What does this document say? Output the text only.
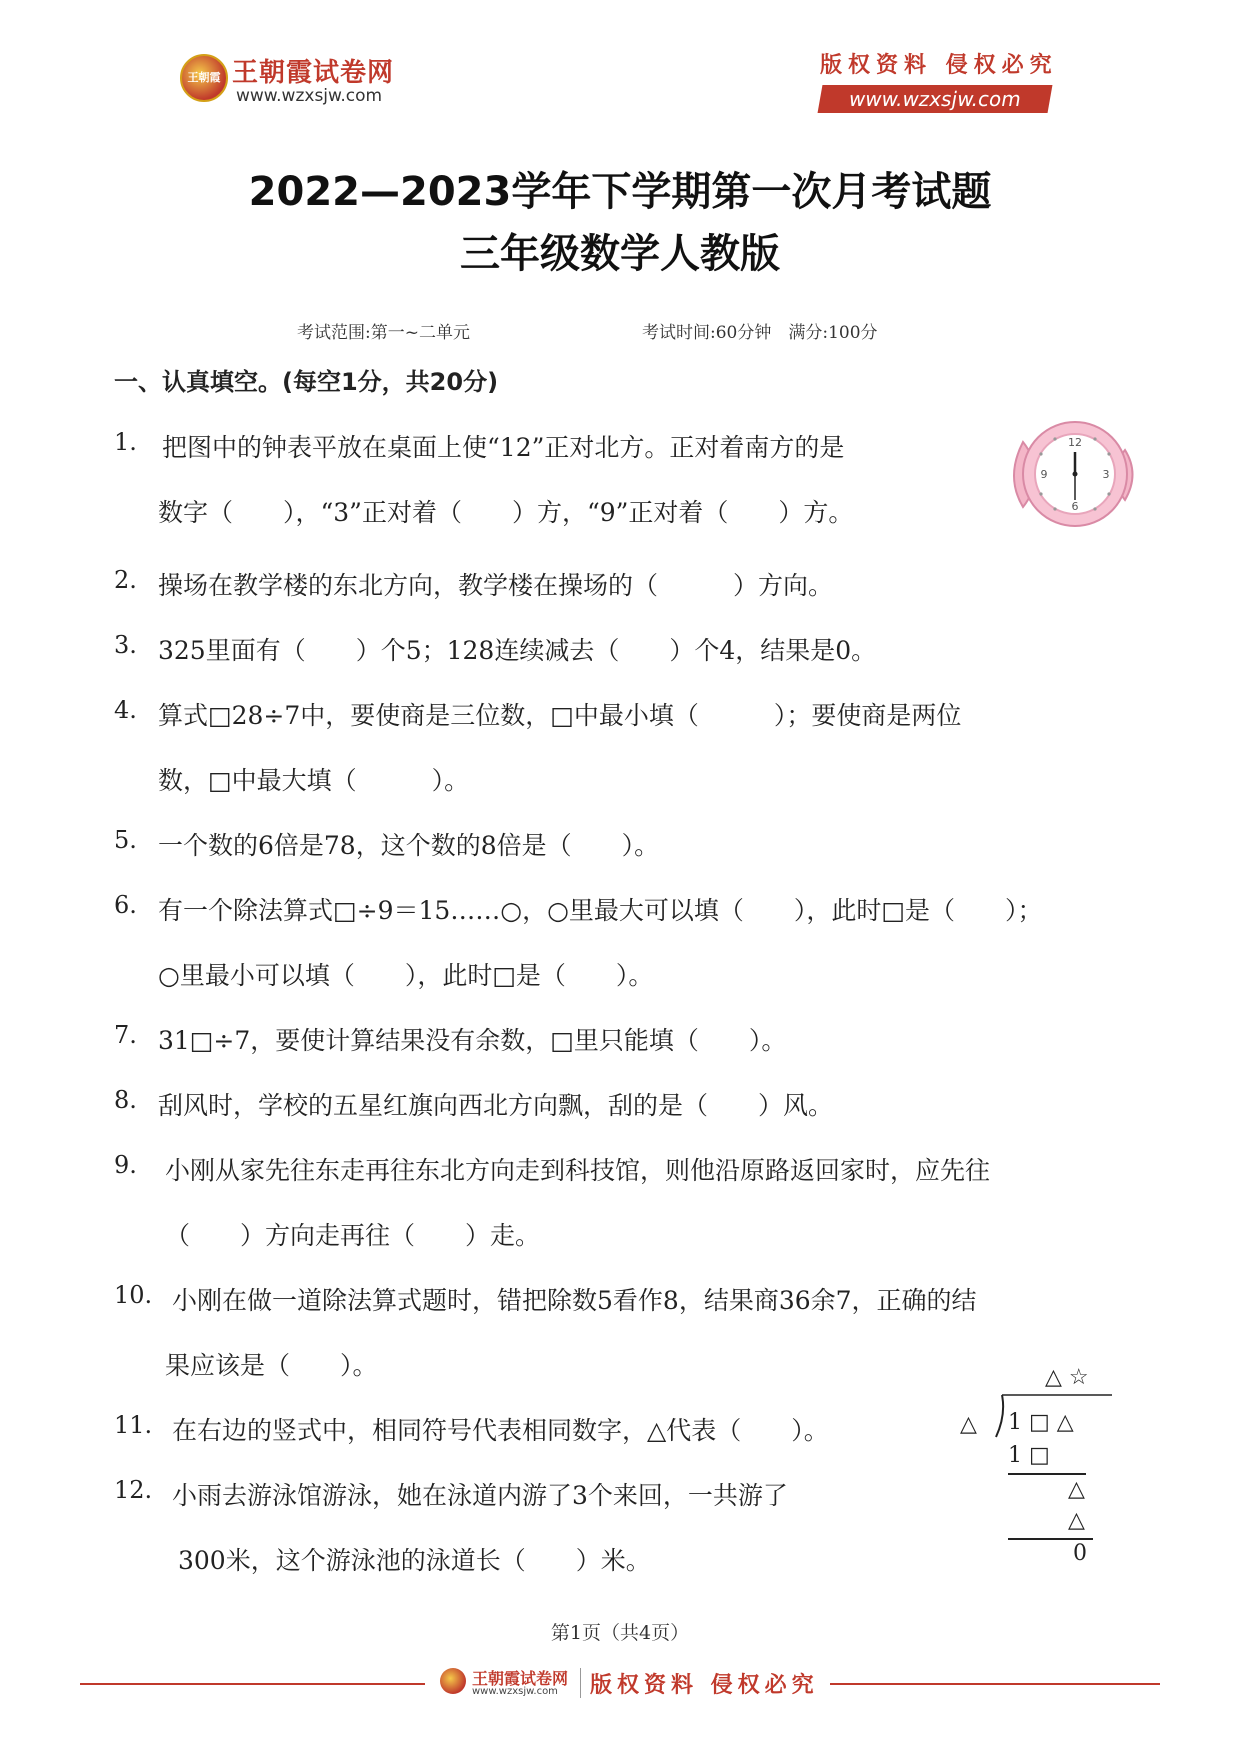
王朝霞 王朝霞试卷网
www.wzxsjw.com
版权资料 侵权必究
www.wzxsjw.com
2022—2023学年下学期第一次月考试题
三年级数学人教版
考试范围:第一~二单元	考试时间:60分钟　满分:100分
一、认真填空。(每空1分，共20分)
1. 把图中的钟表平放在桌面上使“12”正对北方。正对着南方的是
数字（　　），“3”正对着（　　）方，“9”正对着（　　）方。
2. 操场在教学楼的东北方向，教学楼在操场的（　　　）方向。
3. 325里面有（　　）个5；128连续减去（　　）个4，结果是0。
4. 算式□28÷7中，要使商是三位数，□中最小填（　　　）；要使商是两位
数，□中最大填（　　　）。
5. 一个数的6倍是78，这个数的8倍是（　　）。
6. 有一个除法算式□÷9＝15……○，○里最大可以填（　　），此时□是（　　）；
○里最小可以填（　　），此时□是（　　）。
7. 31□÷7，要使计算结果没有余数，□里只能填（　　）。
8. 刮风时，学校的五星红旗向西北方向飘，刮的是（　　）风。
9. 小刚从家先往东走再往东北方向走到科技馆，则他沿原路返回家时，应先往
（　　）方向走再往（　　）走。
10. 小刚在做一道除法算式题时，错把除数5看作8，结果商36余7，正确的结
果应该是（　　）。
11. 在右边的竖式中，相同符号代表相同数字，△代表（　　）。
12. 小雨去游泳馆游泳，她在泳道内游了3个来回，一共游了
300米，这个游泳池的泳道长（　　）米。
12
3
6
9
△ ☆
△ 1 □ △
1 □
△
△
0
第1页（共4页）
王朝霞试卷网
www.wzxsjw.com 版权资料 侵权必究
